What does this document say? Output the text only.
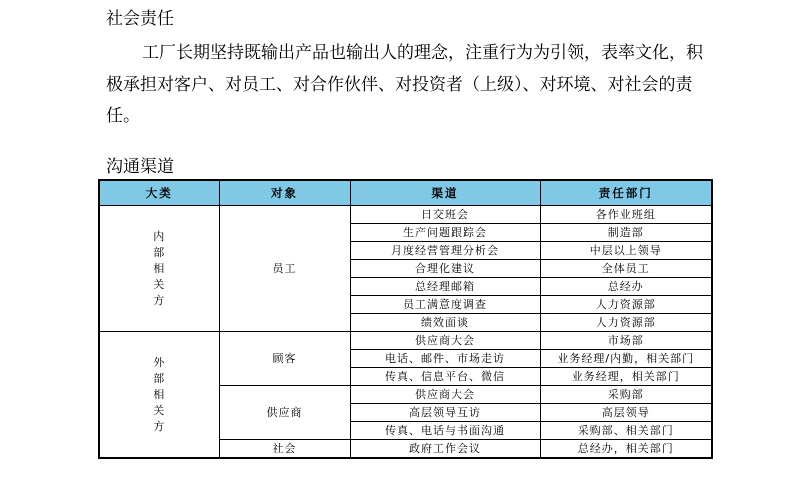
社会责任

工厂长期坚持既输出产品也输出人的理念，注重行为为引领，表率文化，积极承担对客户、对员工、对合作伙伴、对投资者（上级）、对环境、对社会的责任。

沟通渠道
大类	对象	渠道	责任部门

内
部
相
关
方	员工	日交班会	各作业班组
		生产问题跟踪会	制造部
		月度经营管理分析会	中层以上领导
		合理化建议	全体员工
		总经理邮箱	总经办
		员工满意度调查	人力资源部
		绩效面谈	人力资源部

外
部
相
关
方	顾客	供应商大会	市场部
		电话、邮件、市场走访	业务经理/内勤，相关部门
		传真、信息平台、微信	业务经理，相关部门
	供应商	供应商大会	采购部
		高层领导互访	高层领导
		传真、电话与书面沟通	采购部、相关部门
	社会	政府工作会议	总经办，相关部门
